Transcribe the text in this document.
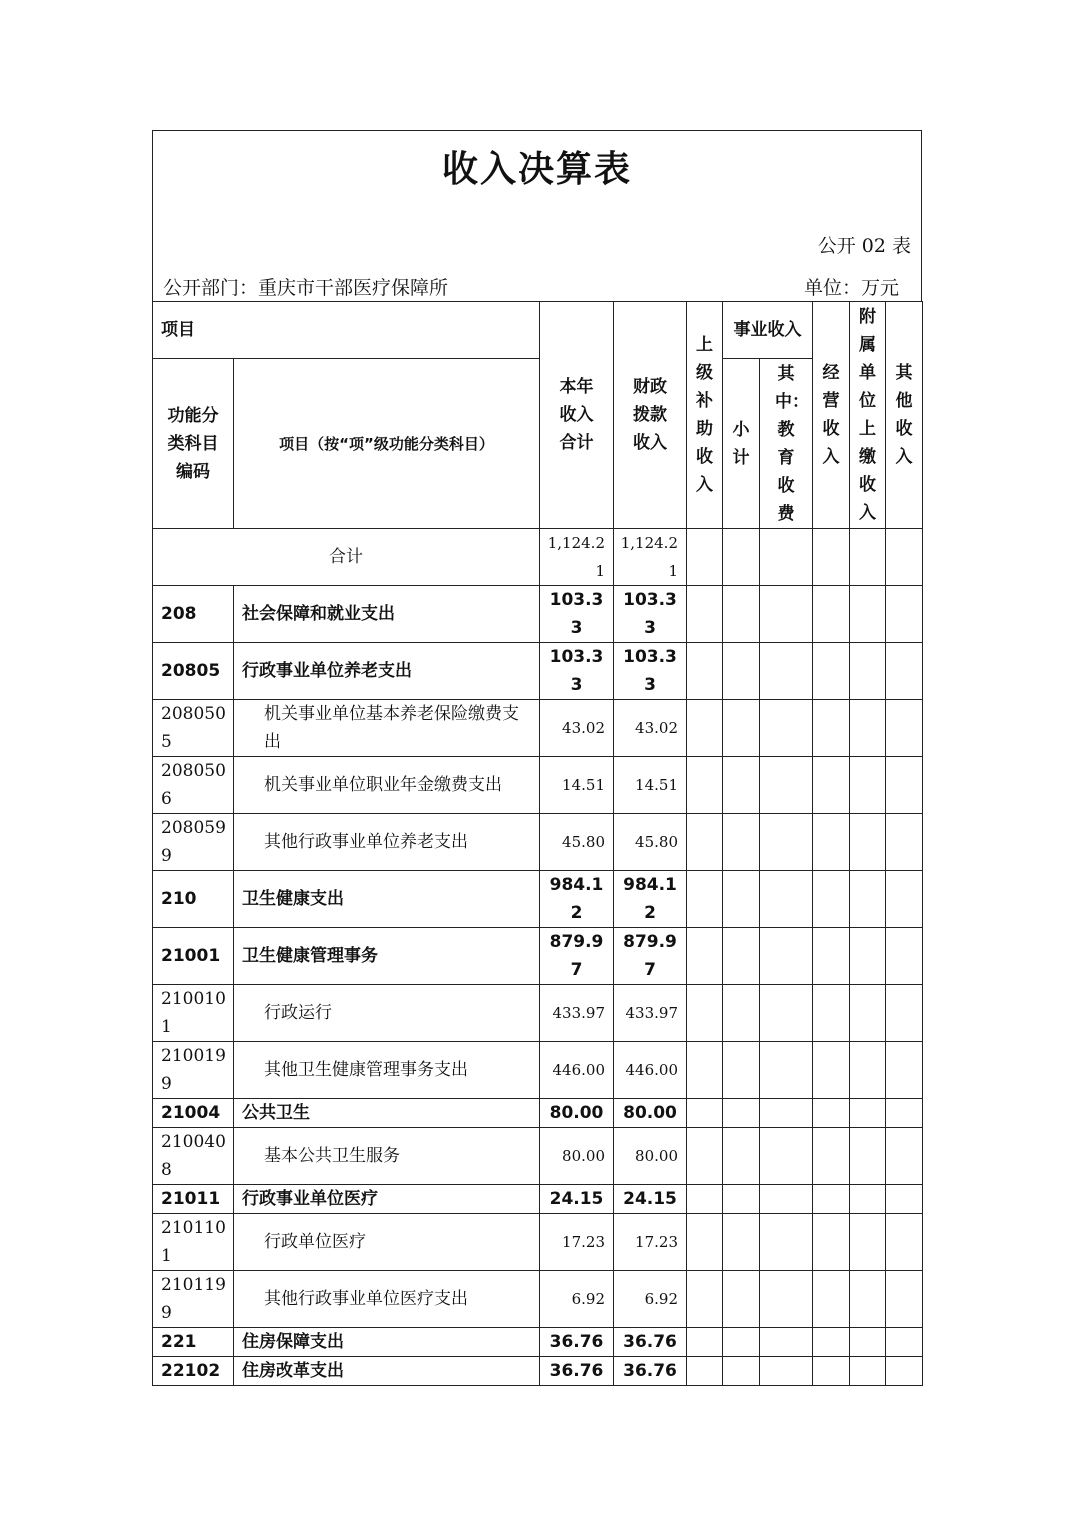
收入决算表
公开 02 表
公开部门：重庆市干部医疗保障所	单位：万元
项目		本年收入合计	财政拨款收入	上级补助收入	事业收入		经营收入	附属单位上缴收入	其他收入

功能分类科目编码	项目（按“项”级功能分类科目）				小计	其中：教育收费			

合计		1,124.21	1,124.21						
208	社会保障和就业支出	103.33	103.33						
20805	行政事业单位养老支出	103.33	103.33						
2080505	机关事业单位基本养老保险缴费支出	43.02	43.02						
2080506	机关事业单位职业年金缴费支出	14.51	14.51						
2080599	其他行政事业单位养老支出	45.80	45.80						
210	卫生健康支出	984.12	984.12						
21001	卫生健康管理事务	879.97	879.97						
2100101	行政运行	433.97	433.97						
2100199	其他卫生健康管理事务支出	446.00	446.00						
21004	公共卫生	80.00	80.00						
2100408	基本公共卫生服务	80.00	80.00						
21011	行政事业单位医疗	24.15	24.15						
2101101	行政单位医疗	17.23	17.23						
2101199	其他行政事业单位医疗支出	6.92	6.92						
221	住房保障支出	36.76	36.76						
22102	住房改革支出	36.76	36.76						
